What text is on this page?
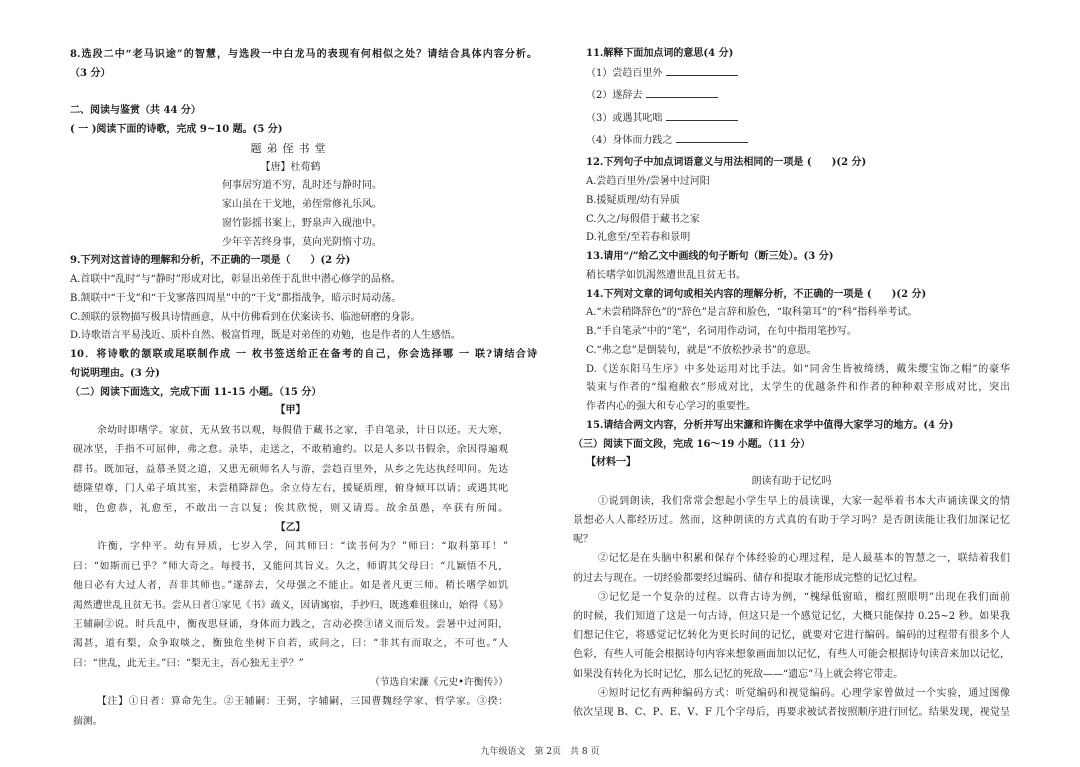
8.选段二中“老马识途”的智慧，与选段一中白龙马的表现有何相似之处？请结合具体内容分析。
（3 分）
二、阅读与鉴赏（共 44 分）
( 一 )阅读下面的诗歌，完成 9~10 题。(5 分)
题弟侄书堂
【唐】杜荀鹤
何事居穷道不穷，乱时还与静时同。
家山虽在干戈地，弟侄常修礼乐风。
窗竹影摇书案上，野泉声入砚池中。
少年辛苦终身事，莫向光阴惰寸功。
9.下列对这首诗的理解和分析，不正确的一项是（　　）(2 分)
A.首联中“乱时”与“静时”形成对比，彰显出弟侄于乱世中潜心修学的品格。
B.颔联中“干戈”和“干戈寥落四周星”中的“干戈”都指战争，暗示时局动荡。
C.颈联的景物描写极具诗情画意，从中仿佛看到在伏案读书、临池研磨的身影。
D.诗歌语言平易浅近、质朴自然、极富哲理，既是对弟侄的劝勉，也是作者的人生感悟。
10．将诗歌的颔联或尾联制作成 一 枚书签送给正在备考的自己，你会选择哪 一 联?请结合诗
句说明理由。(3 分)
（二）阅读下面选文，完成下面 11-15 小题。（15 分）
【甲】
余幼时即嗜学。家贫，无从致书以观，每假借于藏书之家，手自笔录，计日以还。天大寒，
砚冰坚，手指不可屈伸，弗之怠。录毕，走送之，不敢稍逾约。以是人多以书假余，余因得遍观
群书。既加冠，益慕圣贤之道，又患无硕师名人与游，尝趋百里外，从乡之先达执经叩问。先达
德隆望尊，门人弟子填其室，未尝稍降辞色。余立侍左右，援疑质理，俯身倾耳以请；或遇其叱
咄，色愈恭，礼愈至，不敢出一言以复；俟其欣悦，则又请焉。故余虽愚，卒获有所闻。
【乙】
许衡，字仲平。幼有异质，七岁入学，问其师曰：“读书何为？”师曰：“取科第耳！”
曰：“如斯而已乎？”师大奇之。每授书，又能问其旨义。久之，师谓其父母曰：“儿颖悟不凡，
他日必有大过人者，吾非其师也。”遂辞去，父母强之不能止。如是者凡更三师。稍长嗜学如饥
渴然遭世乱且贫无书。尝从日者①家见《书》疏义，因请寓宿，手抄归，既逃难徂徕山，始得《易》
王辅嗣②说。时兵乱中，衡夜思昼诵，身体而力践之，言动必揆③诸义而后发。尝暑中过河阳，
渴甚，道有梨，众争取啖之，衡独危坐树下自若，或问之，曰：“非其有而取之，不可也。”人
曰：“世乱，此无主。”曰：“梨无主，吾心独无主乎？”
（节选自宋濂《元史•许衡传》）
【注】①日者：算命先生。②王辅嗣：王弼，字辅嗣，三国曹魏经学家、哲学家。③揆：
揣测。
11.解释下面加点词的意思(4 分)
（1）尝趋百里外
（2）遂辞去
（3）或遇其叱咄
（4）身体而力践之
12.下列句子中加点词语意义与用法相同的一项是 (　　)(2 分)
A.尝趋百里外/尝暑中过河阳
B.援疑质理/幼有异质
C.久之/每假借于藏书之家
D.礼愈至/至若春和景明
13.请用“/”给乙文中画线的句子断句（断三处）。(3 分)
稍长嗜学如饥渴然遭世乱且贫无书。
14.下列对文章的词句或相关内容的理解分析，不正确的一项是 (　　)(2 分)
A.“未尝稍降辞色”的“辞色”是言辞和脸色，“取科第耳”的“科”指科举考试。
B.“手自笔录”中的“笔”，名词用作动词，在句中指用笔抄写。
C.“弗之怠”是倒装句，就是“不放松抄录书”的意思。
D.《送东阳马生序》中多处运用对比手法。如“同舍生皆被绮绣，戴朱缨宝饰之帽”的豪华
装束与作者的“缊袍敝衣”形成对比，太学生的优越条件和作者的种种艰辛形成对比，突出
作者内心的强大和专心学习的重要性。
15.请结合两文内容，分析并写出宋濂和许衡在求学中值得大家学习的地方。(4 分)
（三）阅读下面文段，完成 16～19 小题。（11 分）
【材料一】
朗读有助于记忆吗
①说到朗读，我们常常会想起小学生早上的晨读课，大家一起举着书本大声诵读课文的情
景想必人人都经历过。然而，这种朗读的方式真的有助于学习吗？是否朗读能让我们加深记忆
呢？
②记忆是在头脑中积累和保存个体经验的心理过程，是人最基本的智慧之一，联结着我们
的过去与现在。一切经验都要经过编码、储存和提取才能形成完整的记忆过程。
③记忆是一个复杂的过程。以背古诗为例，“槐绿低窗暗，榴红照眼明”出现在我们面前
的时候，我们知道了这是一句古诗，但这只是一个感觉记忆，大概只能保持 0.25~2 秒。如果我
们想记住它，将感觉记忆转化为更长时间的记忆，就要对它进行编码。编码的过程带有很多个人
色彩，有些人可能会根据诗句内容来想象画面加以记忆，有些人可能会根据诗句读音来加以记忆，
如果没有转化为长时记忆，那么记忆的死敌——“遗忘”马上就会将它带走。
④短时记忆有两种编码方式：听觉编码和视觉编码。心理学家曾做过一个实验，通过图像
依次呈现 B、C、P、E、V、F 几个字母后，再要求被试者按照顺序进行回忆。结果发现，视觉呈
九年级语文　第 2页　共 8 页
